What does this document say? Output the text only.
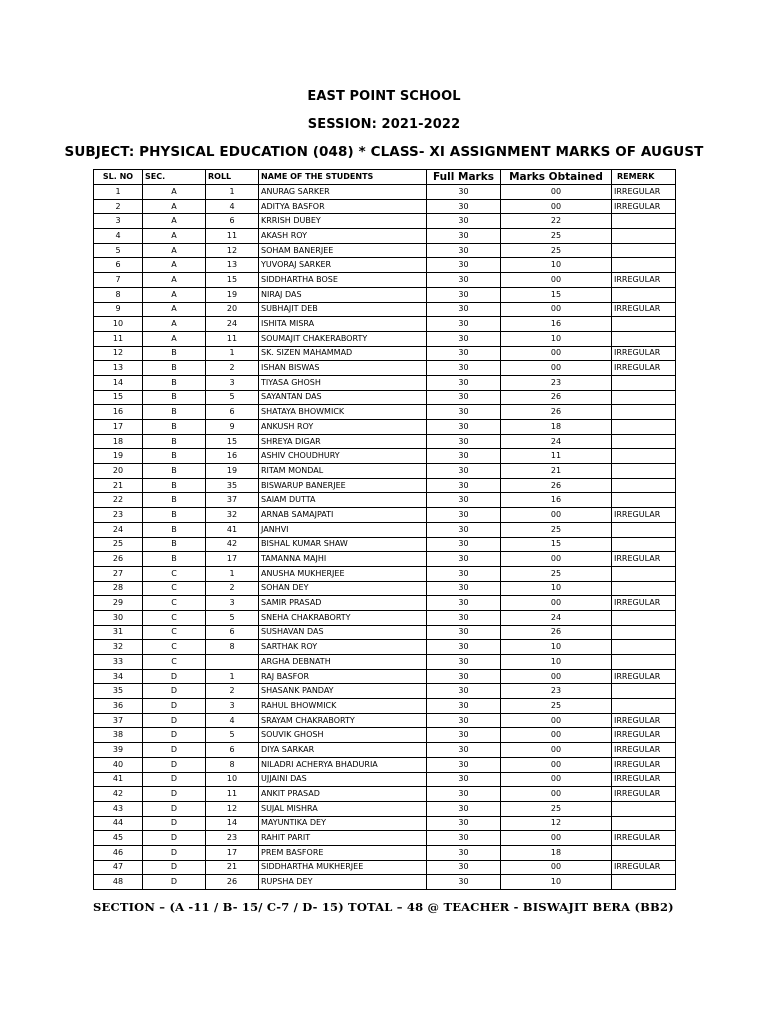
EAST POINT SCHOOL
SESSION: 2021-2022
SUBJECT: PHYSICAL EDUCATION (048) * CLASS- XI ASSIGNMENT MARKS OF AUGUST
SL. NO	SEC.	ROLL	NAME OF THE STUDENTS	Full Marks	Marks Obtained	REMERK
1	A	1	ANURAG SARKER	30	00	IRREGULAR
2	A	4	ADITYA BASFOR	30	00	IRREGULAR
3	A	6	KRRISH DUBEY	30	22	
4	A	11	AKASH ROY	30	25	
5	A	12	SOHAM BANERJEE	30	25	
6	A	13	YUVORAJ SARKER	30	10	
7	A	15	SIDDHARTHA BOSE	30	00	IRREGULAR
8	A	19	NIRAJ DAS	30	15	
9	A	20	SUBHAJIT DEB	30	00	IRREGULAR
10	A	24	ISHITA MISRA	30	16	
11	A	11	SOUMAJIT CHAKERABORTY	30	10	
12	B	1	SK. SIZEN MAHAMMAD	30	00	IRREGULAR
13	B	2	ISHAN BISWAS	30	00	IRREGULAR
14	B	3	TIYASA GHOSH	30	23	
15	B	5	SAYANTAN DAS	30	26	
16	B	6	SHATAYA BHOWMICK	30	26	
17	B	9	ANKUSH ROY	30	18	
18	B	15	SHREYA DIGAR	30	24	
19	B	16	ASHIV CHOUDHURY	30	11	
20	B	19	RITAM MONDAL	30	21	
21	B	35	BISWARUP BANERJEE	30	26	
22	B	37	SAIAM DUTTA	30	16	
23	B	32	ARNAB SAMAJPATI	30	00	IRREGULAR
24	B	41	JANHVI	30	25	
25	B	42	BISHAL KUMAR SHAW	30	15	
26	B	17	TAMANNA MAJHI	30	00	IRREGULAR
27	C	1	ANUSHA MUKHERJEE	30	25	
28	C	2	SOHAN DEY	30	10	
29	C	3	SAMIR PRASAD	30	00	IRREGULAR
30	C	5	SNEHA CHAKRABORTY	30	24	
31	C	6	SUSHAVAN DAS	30	26	
32	C	8	SARTHAK ROY	30	10	
33	C		ARGHA DEBNATH	30	10	
34	D	1	RAJ BASFOR	30	00	IRREGULAR
35	D	2	SHASANK PANDAY	30	23	
36	D	3	RAHUL BHOWMICK	30	25	
37	D	4	SRAYAM CHAKRABORTY	30	00	IRREGULAR
38	D	5	SOUVIK GHOSH	30	00	IRREGULAR
39	D	6	DIYA SARKAR	30	00	IRREGULAR
40	D	8	NILADRI ACHERYA BHADURIA	30	00	IRREGULAR
41	D	10	UJJAINI DAS	30	00	IRREGULAR
42	D	11	ANKIT PRASAD	30	00	IRREGULAR
43	D	12	SUJAL MISHRA	30	25	
44	D	14	MAYUNTIKA DEY	30	12	
45	D	23	RAHIT PARIT	30	00	IRREGULAR
46	D	17	PREM BASFORE	30	18	
47	D	21	SIDDHARTHA MUKHERJEE	30	00	IRREGULAR
48	D	26	RUPSHA DEY	30	10	
SECTION – (A -11 / B- 15/ C-7 / D- 15) TOTAL – 48 @ TEACHER - BISWAJIT BERA (BB2)
